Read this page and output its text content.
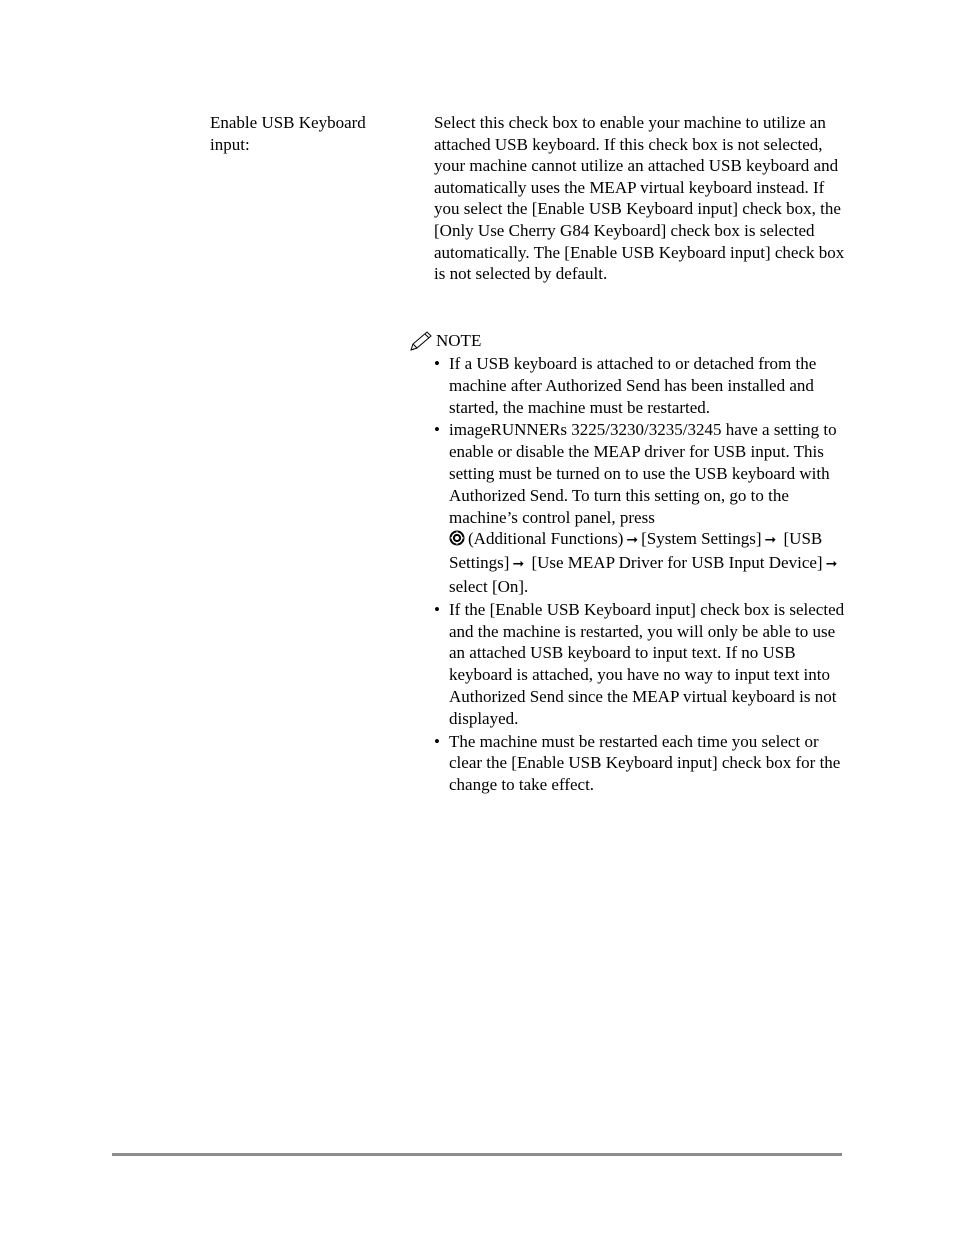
Enable USB Keyboard input:
Select this check box to enable your machine to utilize an attached USB keyboard. If this check box is not selected, your machine cannot utilize an attached USB keyboard and automatically uses the MEAP virtual keyboard instead. If you select the [Enable USB Keyboard input] check box, the [Only Use Cherry G84 Keyboard] check box is selected automatically. The [Enable USB Keyboard input] check box is not selected by default.
NOTE
• If a USB keyboard is attached to or detached from the machine after Authorized Send has been installed and started, the machine must be restarted.
• imageRUNNERs 3225/3230/3235/3245 have a setting to enable or disable the MEAP driver for USB input. This setting must be turned on to use the USB keyboard with Authorized Send. To turn this setting on, go to the machine’s control panel, press
(Additional Functions) ➞ [System Settings] ➞ [USB Settings] ➞ [Use MEAP Driver for USB Input Device] ➞select [On].
• If the [Enable USB Keyboard input] check box is selected and the machine is restarted, you will only be able to use an attached USB keyboard to input text. If no USB keyboard is attached, you have no way to input text into Authorized Send since the MEAP virtual keyboard is not displayed.
• The machine must be restarted each time you select or clear the [Enable USB Keyboard input] check box for the change to take effect.
